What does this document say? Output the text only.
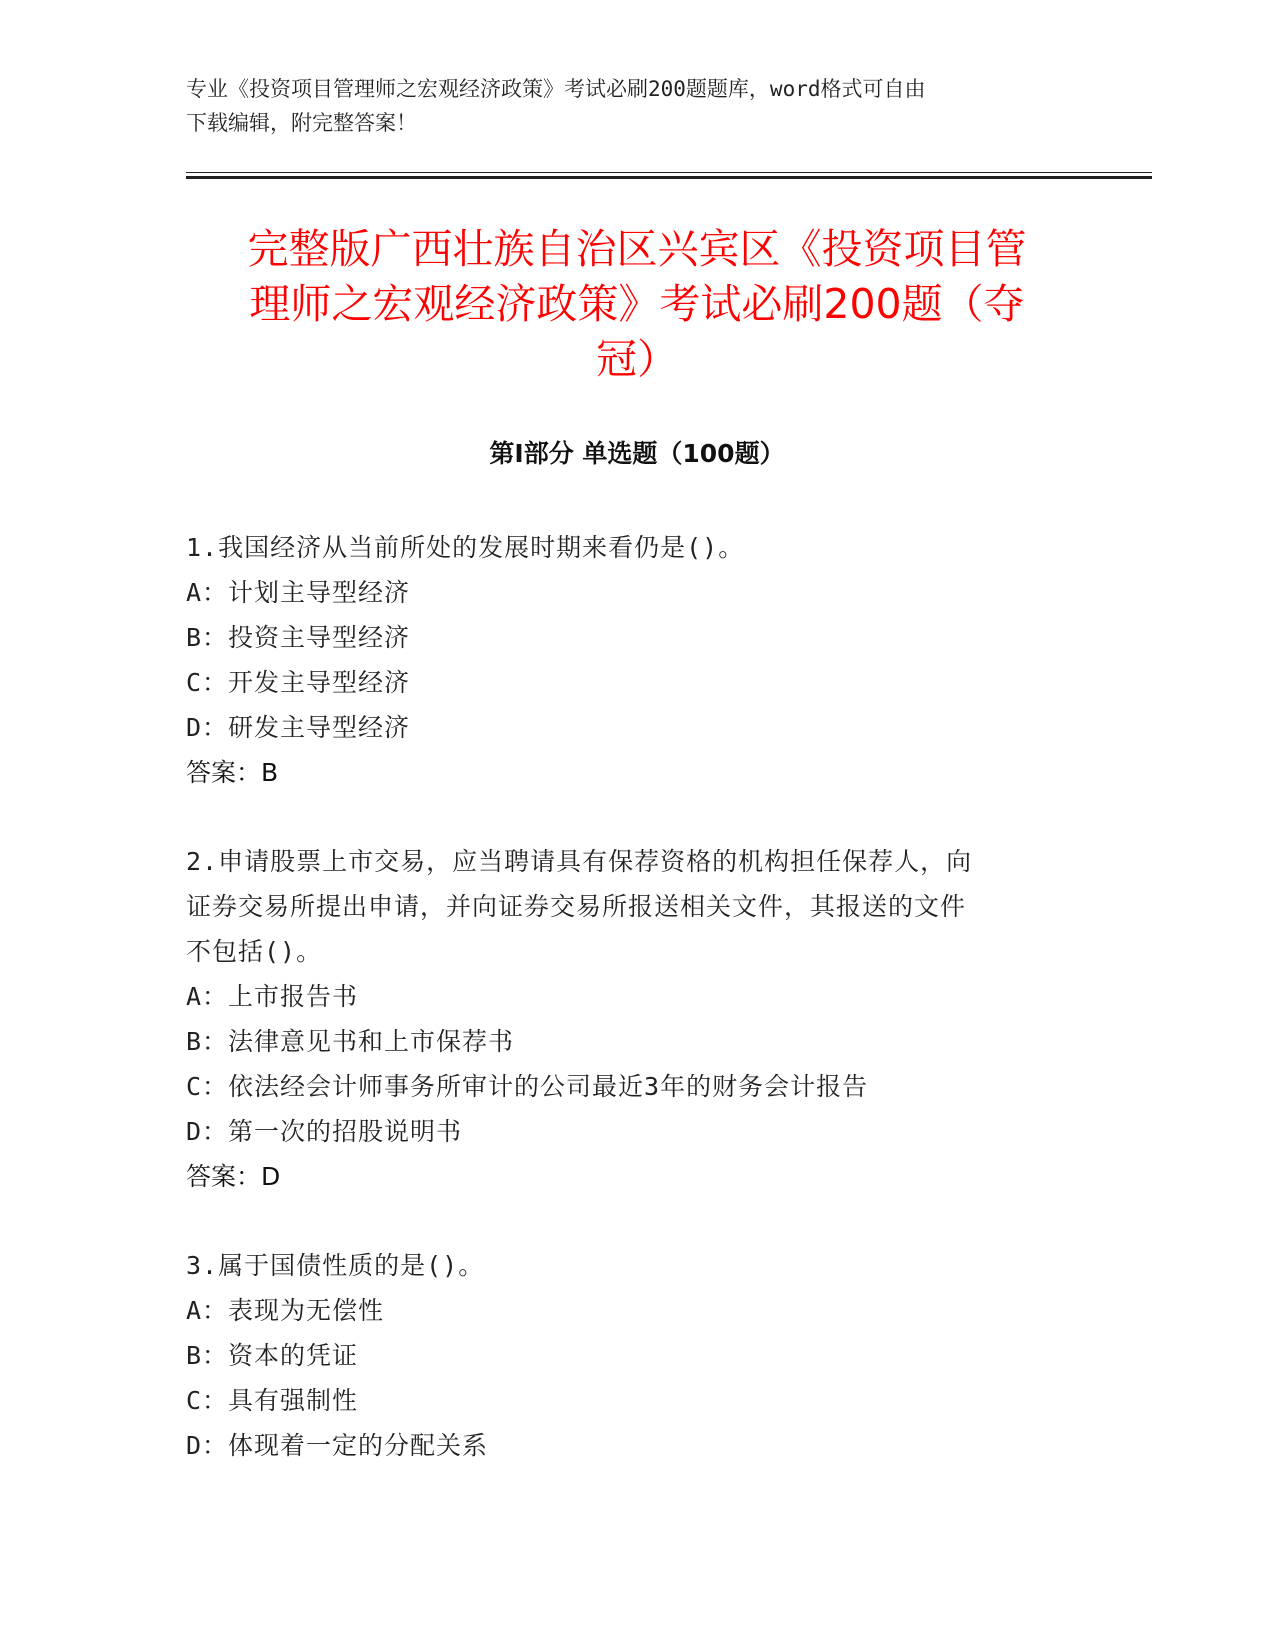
专业《投资项目管理师之宏观经济政策》考试必刷200题题库，word格式可自由
下载编辑，附完整答案！
完整版广西壮族自治区兴宾区《投资项目管
理师之宏观经济政策》考试必刷200题（夺
冠）
第Ⅰ部分 单选题（100题）

1.我国经济从当前所处的发展时期来看仍是()。

A：计划主导型经济

B：投资主导型经济

C：开发主导型经济

D：研发主导型经济

答案：B

2.申请股票上市交易，应当聘请具有保荐资格的机构担任保荐人，向

证券交易所提出申请，并向证券交易所报送相关文件，其报送的文件

不包括()。

A：上市报告书

B：法律意见书和上市保荐书

C：依法经会计师事务所审计的公司最近3年的财务会计报告

D：第一次的招股说明书

答案：D

3.属于国债性质的是()。

A：表现为无偿性

B：资本的凭证

C：具有强制性

D：体现着一定的分配关系
